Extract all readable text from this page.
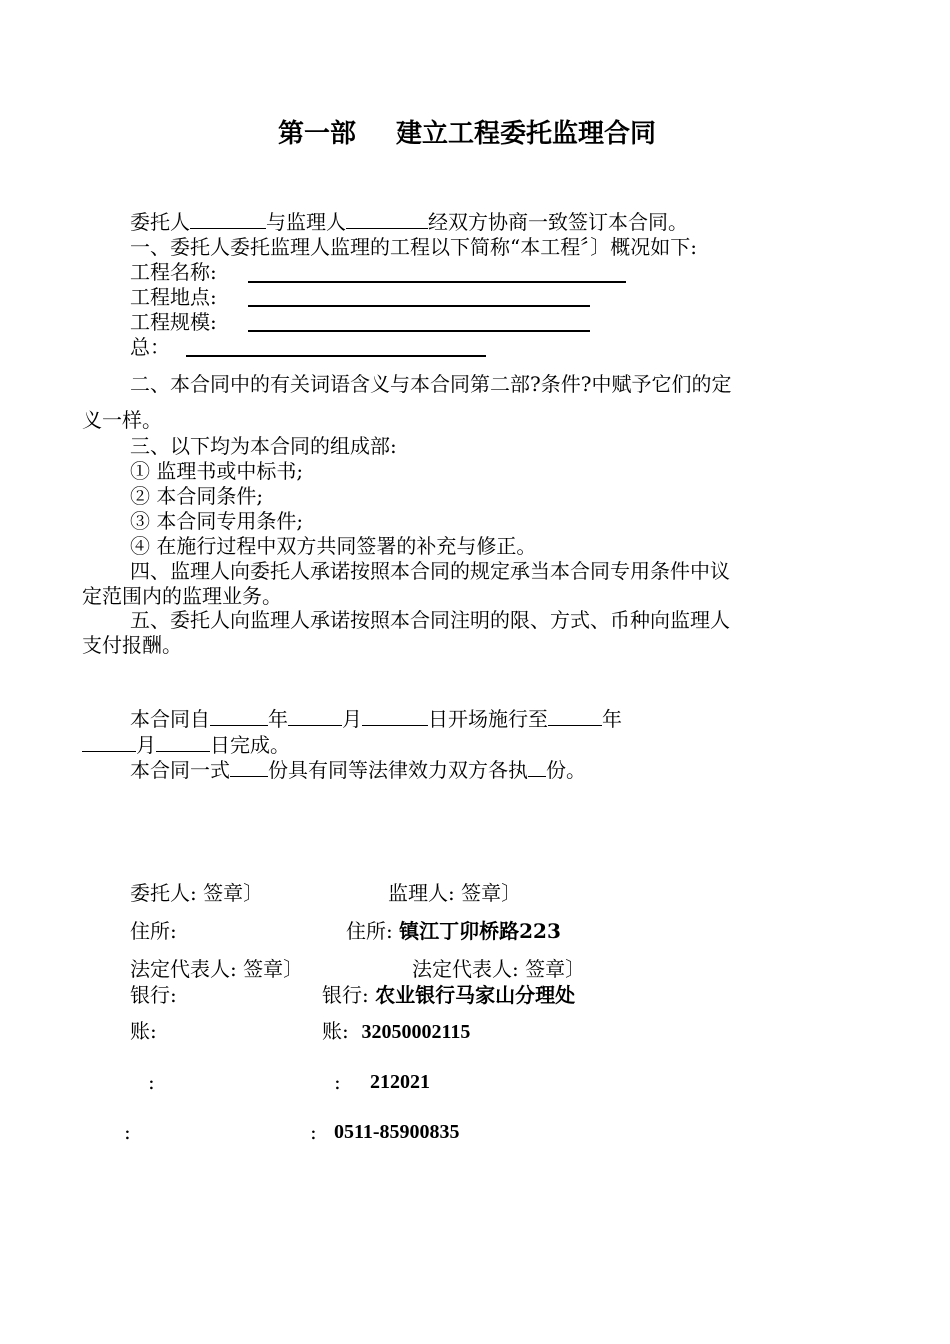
第一部 建立工程委托监理合同
委托人	与监理人	经双方协商一致签订本合同。
一、委托人委托监理人监理的工程以下简称“本工程〞〕概况如下:
工程名称:
工程地点:
工程规模:
总：
二、本合同中的有关词语含义与本合同第二部?条件?中赋予它们的定
义一样。
三、以下均为本合同的组成部:
① 监理书或中标书;
② 本合同条件;
③ 本合同专用条件;
④ 在施行过程中双方共同签署的补充与修正。
四、监理人向委托人承诺按照本合同的规定承当本合同专用条件中议
定范围内的监理业务。
五、委托人向监理人承诺按照本合同注明的限、方式、币种向监理人
支付报酬。
本合同自	年	月	日开场施行至	年
月	日完成。
本合同一式 份具有同等法律效力双方各执 份。
委托人: 签章〕	监理人: 签章〕
住所:	住所: 镇江丁卯桥路223
法定代表人: 签章〕	法定代表人: 签章〕
银行:	银行: 农业银行马家山分理处
账:	账: 32050002115
:	: 212021
:	: 0511-85900835
